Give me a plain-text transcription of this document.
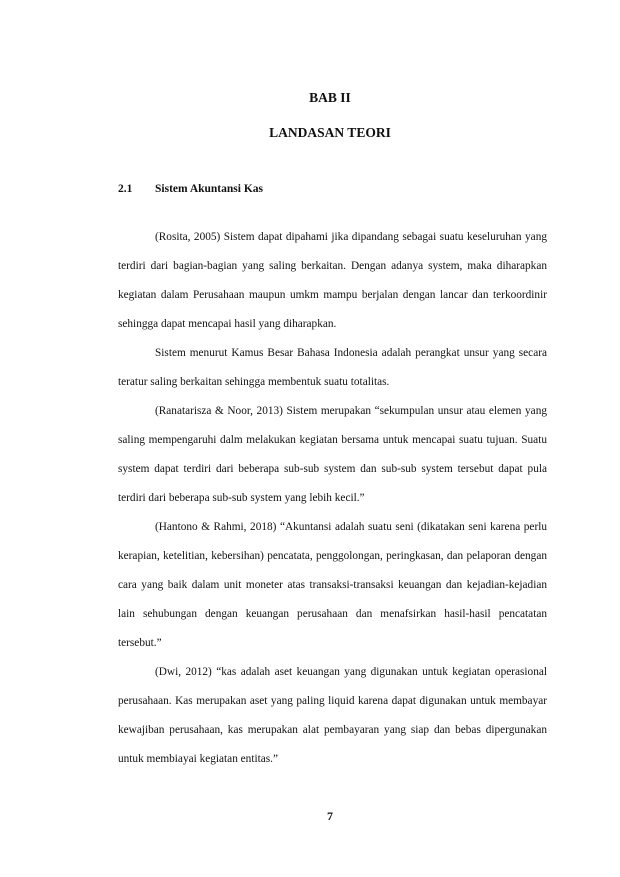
BAB II
LANDASAN TEORI
2.1 Sistem Akuntansi Kas

(Rosita, 2005) Sistem dapat dipahami jika dipandang sebagai suatu keseluruhan yang terdiri dari bagian-bagian yang saling berkaitan. Dengan adanya system, maka diharapkan kegiatan dalam Perusahaan maupun umkm mampu berjalan dengan lancar dan terkoordinir sehingga dapat mencapai hasil yang diharapkan.

Sistem menurut Kamus Besar Bahasa Indonesia adalah perangkat unsur yang secara teratur saling berkaitan sehingga membentuk suatu totalitas.

(Ranatarisza & Noor, 2013) Sistem merupakan “sekumpulan unsur atau elemen yang saling mempengaruhi dalm melakukan kegiatan bersama untuk mencapai suatu tujuan. Suatu system dapat terdiri dari beberapa sub-sub system dan sub-sub system tersebut dapat pula terdiri dari beberapa sub-sub system yang lebih kecil.”

(Hantono & Rahmi, 2018) “Akuntansi adalah suatu seni (dikatakan seni karena perlu kerapian, ketelitian, kebersihan) pencatata, penggolongan, peringkasan, dan pelaporan dengan cara yang baik dalam unit moneter atas transaksi-transaksi keuangan dan kejadian-kejadian lain sehubungan dengan keuangan perusahaan dan menafsirkan hasil-hasil pencatatan tersebut.”

(Dwi, 2012) “kas adalah aset keuangan yang digunakan untuk kegiatan operasional perusahaan. Kas merupakan aset yang paling liquid karena dapat digunakan untuk membayar kewajiban perusahaan, kas merupakan alat pembayaran yang siap dan bebas dipergunakan untuk membiayai kegiatan entitas.”

7
